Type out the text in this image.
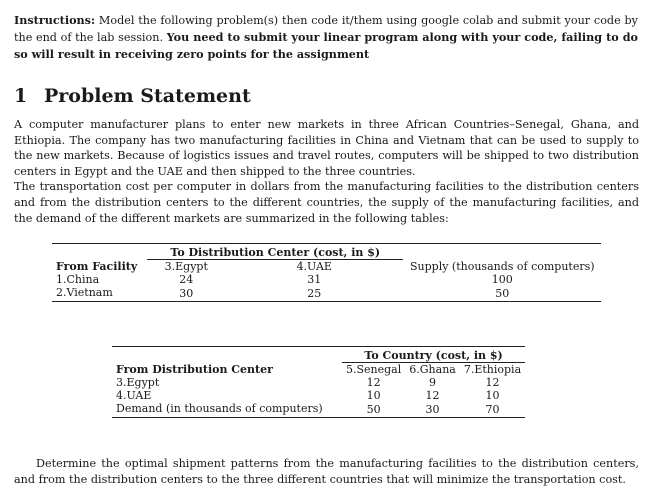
Instructions: Model the following problem(s) then code it/them using google colab and submit your code by the end of the lab session. You need to submit your linear program along with your code, failing to do so will result in receiving zero points for the assignment
1 Problem Statement

A computer manufacturer plans to enter new markets in three African Countries–Senegal, Ghana, and Ethiopia. The company has two manufacturing facilities in China and Vietnam that can be used to supply to the new markets. Because of logistics issues and travel routes, computers will be shipped to two distribution centers in Egypt and the UAE and then shipped to the three countries.

The transportation cost per computer in dollars from the manufacturing facilities to the distribution centers and from the distribution centers to the different countries, the supply of the manufacturing facilities, and the demand of the different markets are summarized in the following tables:

	To Distribution Center (cost, in $)		
From Facility	3.Egypt	4.UAE	Supply (thousands of computers)
1.China	24	31	100
2.Vietnam	30	25	50
	To Country (cost, in $)		
From Distribution Center	5.Senegal	6.Ghana	7.Ethiopia
3.Egypt	12	9	12
4.UAE	10	12	10
Demand (in thousands of computers)	50	30	70
Determine the optimal shipment patterns from the manufacturing facilities to the distribution centers, and from the distribution centers to the three different countries that will minimize the transportation cost.
